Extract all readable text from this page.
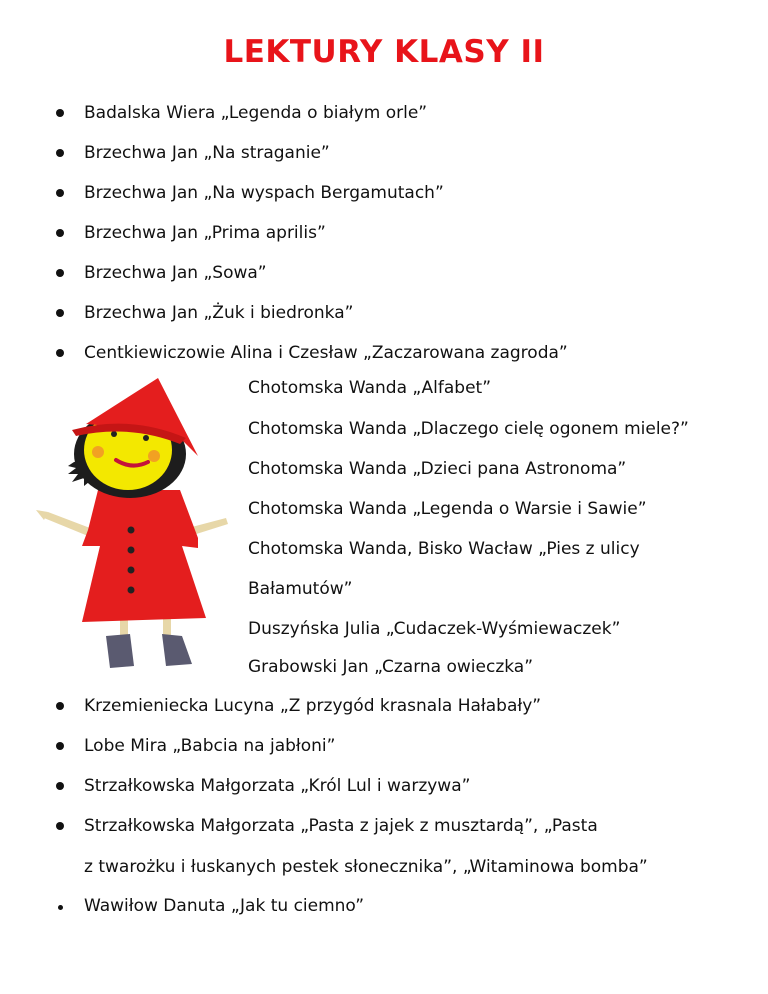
LEKTURY KLASY II
Badalska Wiera „Legenda o białym orle”
Brzechwa Jan „Na straganie”
Brzechwa Jan „Na wyspach Bergamutach”
Brzechwa Jan „Prima aprilis”
Brzechwa Jan „Sowa”
Brzechwa Jan „Żuk i biedronka”
Centkiewiczowie Alina i Czesław „Zaczarowana zagroda”
Chotomska Wanda „Alfabet”
Chotomska Wanda „Dlaczego cielę ogonem miele?”
Chotomska Wanda „Dzieci pana Astronoma”
Chotomska Wanda „Legenda o Warsie i Sawie”
Chotomska Wanda, Bisko Wacław „Pies z ulicy
Bałamutów”
Duszyńska Julia „Cudaczek-Wyśmiewaczek”
Grabowski Jan „Czarna owieczka”
Krzemieniecka Lucyna „Z przygód krasnala Hałabały”
Lobe Mira „Babcia na jabłoni”
Strzałkowska Małgorzata „Król Lul i warzywa”
Strzałkowska Małgorzata „Pasta z jajek z musztardą”, „Pasta
z twarożku i łuskanych pestek słonecznika”, „Witaminowa bomba”
Wawiłow Danuta „Jak tu ciemno”
